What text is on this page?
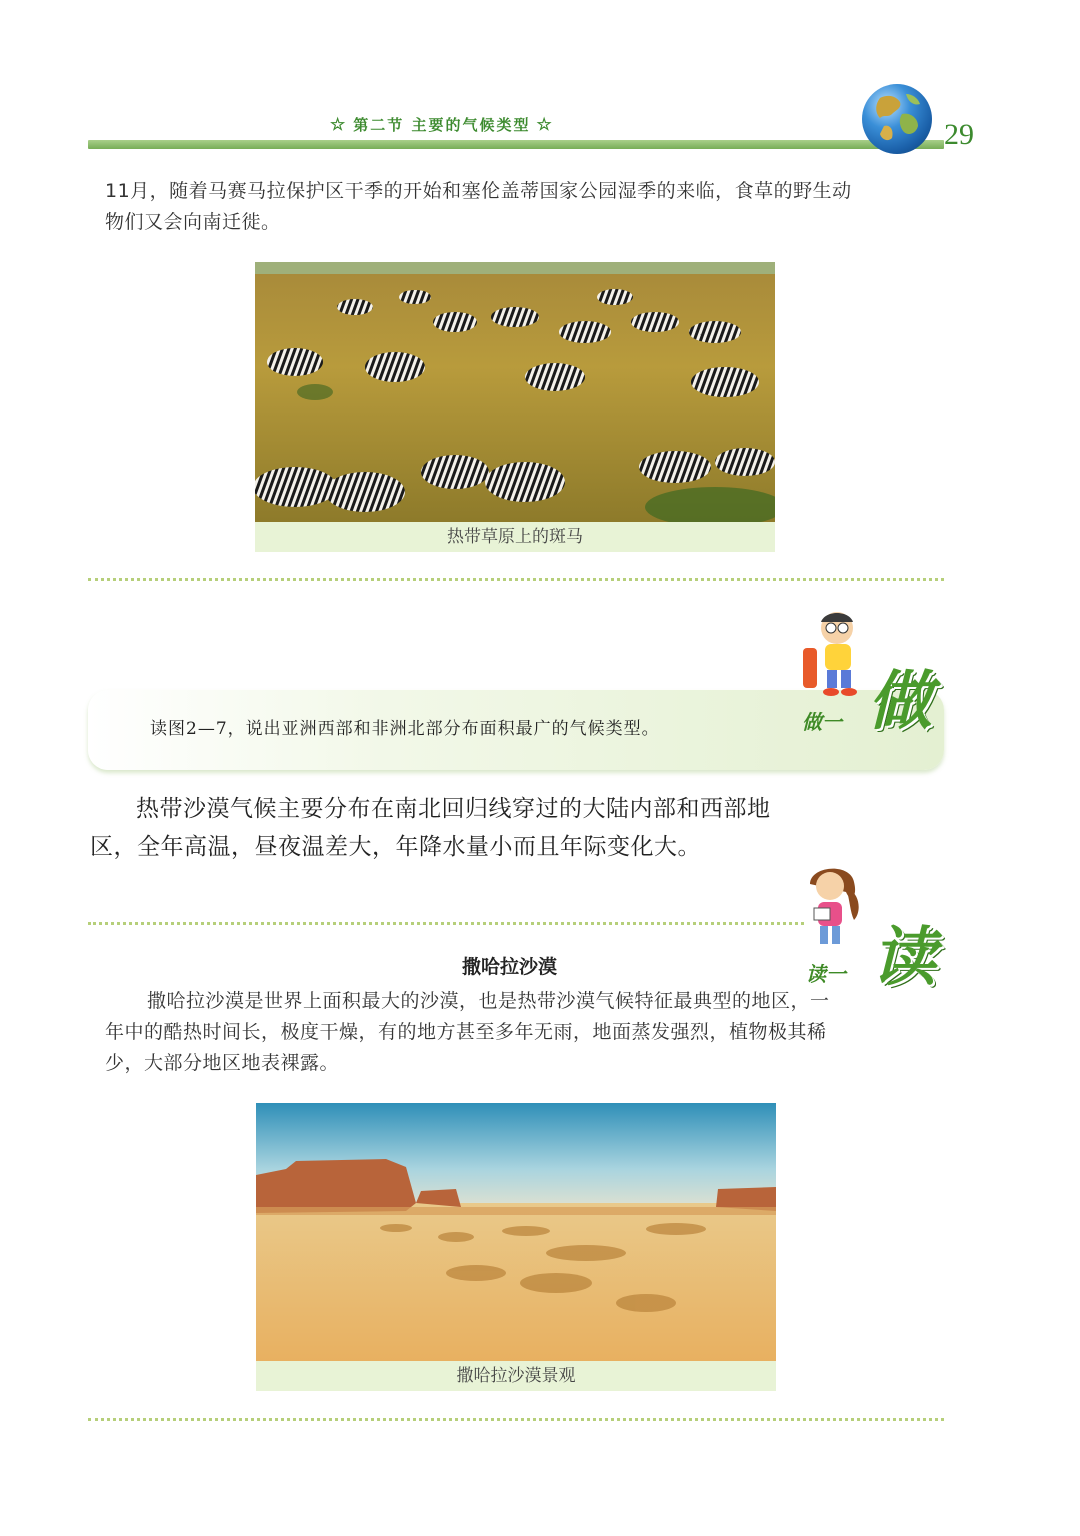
☆ 第二节 主要的气候类型 ☆	29
11月，随着马赛马拉保护区干季的开始和塞伦盖蒂国家公园湿季的来临，食草的野生动
物们又会向南迁徙。
热带草原上的斑马
读图2—7，说出亚洲西部和非洲北部分布面积最广的气候类型。	做一 做
热带沙漠气候主要分布在南北回归线穿过的大陆内部和西部地
区，全年高温，昼夜温差大，年降水量小而且年际变化大。
读一 读
撒哈拉沙漠
撒哈拉沙漠是世界上面积最大的沙漠，也是热带沙漠气候特征最典型的地区，一
年中的酷热时间长，极度干燥，有的地方甚至多年无雨，地面蒸发强烈，植物极其稀
少，大部分地区地表裸露。
撒哈拉沙漠景观
